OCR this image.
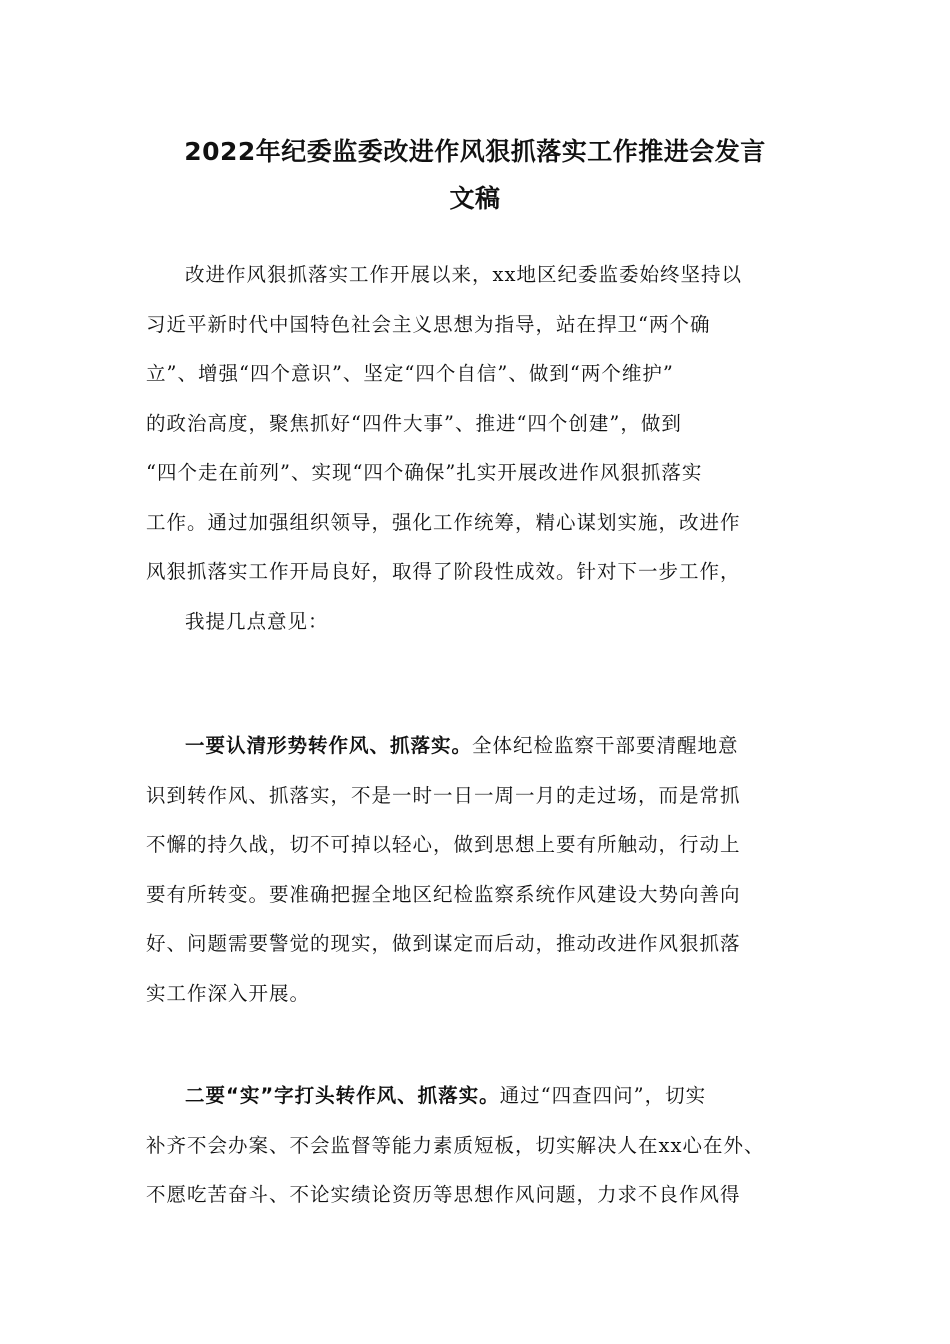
2022年纪委监委改进作风狠抓落实工作推进会发言
文稿
改进作风狠抓落实工作开展以来，xx地区纪委监委始终坚持以
习近平新时代中国特色社会主义思想为指导，站在捍卫“两个确
立”、增强“四个意识”、坚定“四个自信”、做到“两个维护”
的政治高度，聚焦抓好“四件大事”、推进“四个创建”，做到
“四个走在前列”、实现“四个确保”扎实开展改进作风狠抓落实
工作。通过加强组织领导，强化工作统筹，精心谋划实施，改进作
风狠抓落实工作开局良好，取得了阶段性成效。针对下一步工作，
我提几点意见：
一要认清形势转作风、抓落实。全体纪检监察干部要清醒地意
识到转作风、抓落实，不是一时一日一周一月的走过场，而是常抓
不懈的持久战，切不可掉以轻心，做到思想上要有所触动，行动上
要有所转变。要准确把握全地区纪检监察系统作风建设大势向善向
好、问题需要警觉的现实，做到谋定而后动，推动改进作风狠抓落
实工作深入开展。
二要“实”字打头转作风、抓落实。通过“四查四问”，切实
补齐不会办案、不会监督等能力素质短板，切实解决人在xx心在外、
不愿吃苦奋斗、不论实绩论资历等思想作风问题，力求不良作风得
